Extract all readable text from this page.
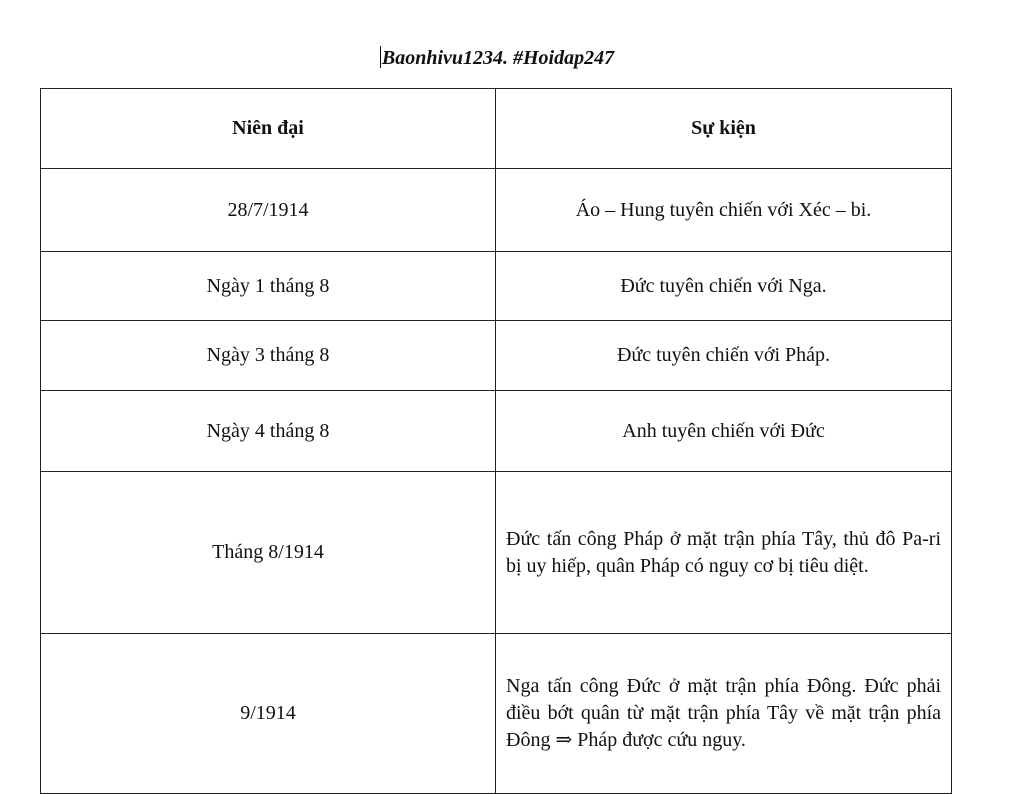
Baonhivu1234. #Hoidap247
Niên đại	Sự kiện
28/7/1914	Áo – Hung tuyên chiến với Xéc – bi.
Ngày 1 tháng 8	Đức tuyên chiến với Nga.
Ngày 3 tháng 8	Đức tuyên chiến với Pháp.
Ngày 4 tháng 8	Anh tuyên chiến với Đức
Tháng 8/1914	Đức tấn công Pháp ở mặt trận phía Tây, thủ đô Pa-ri bị uy hiếp, quân Pháp có nguy cơ bị tiêu diệt.
9/1914	Nga tấn công Đức ở mặt trận phía Đông. Đức phải điều bớt quân từ mặt trận phía Tây về mặt trận phía Đông ⇒ Pháp được cứu nguy.
